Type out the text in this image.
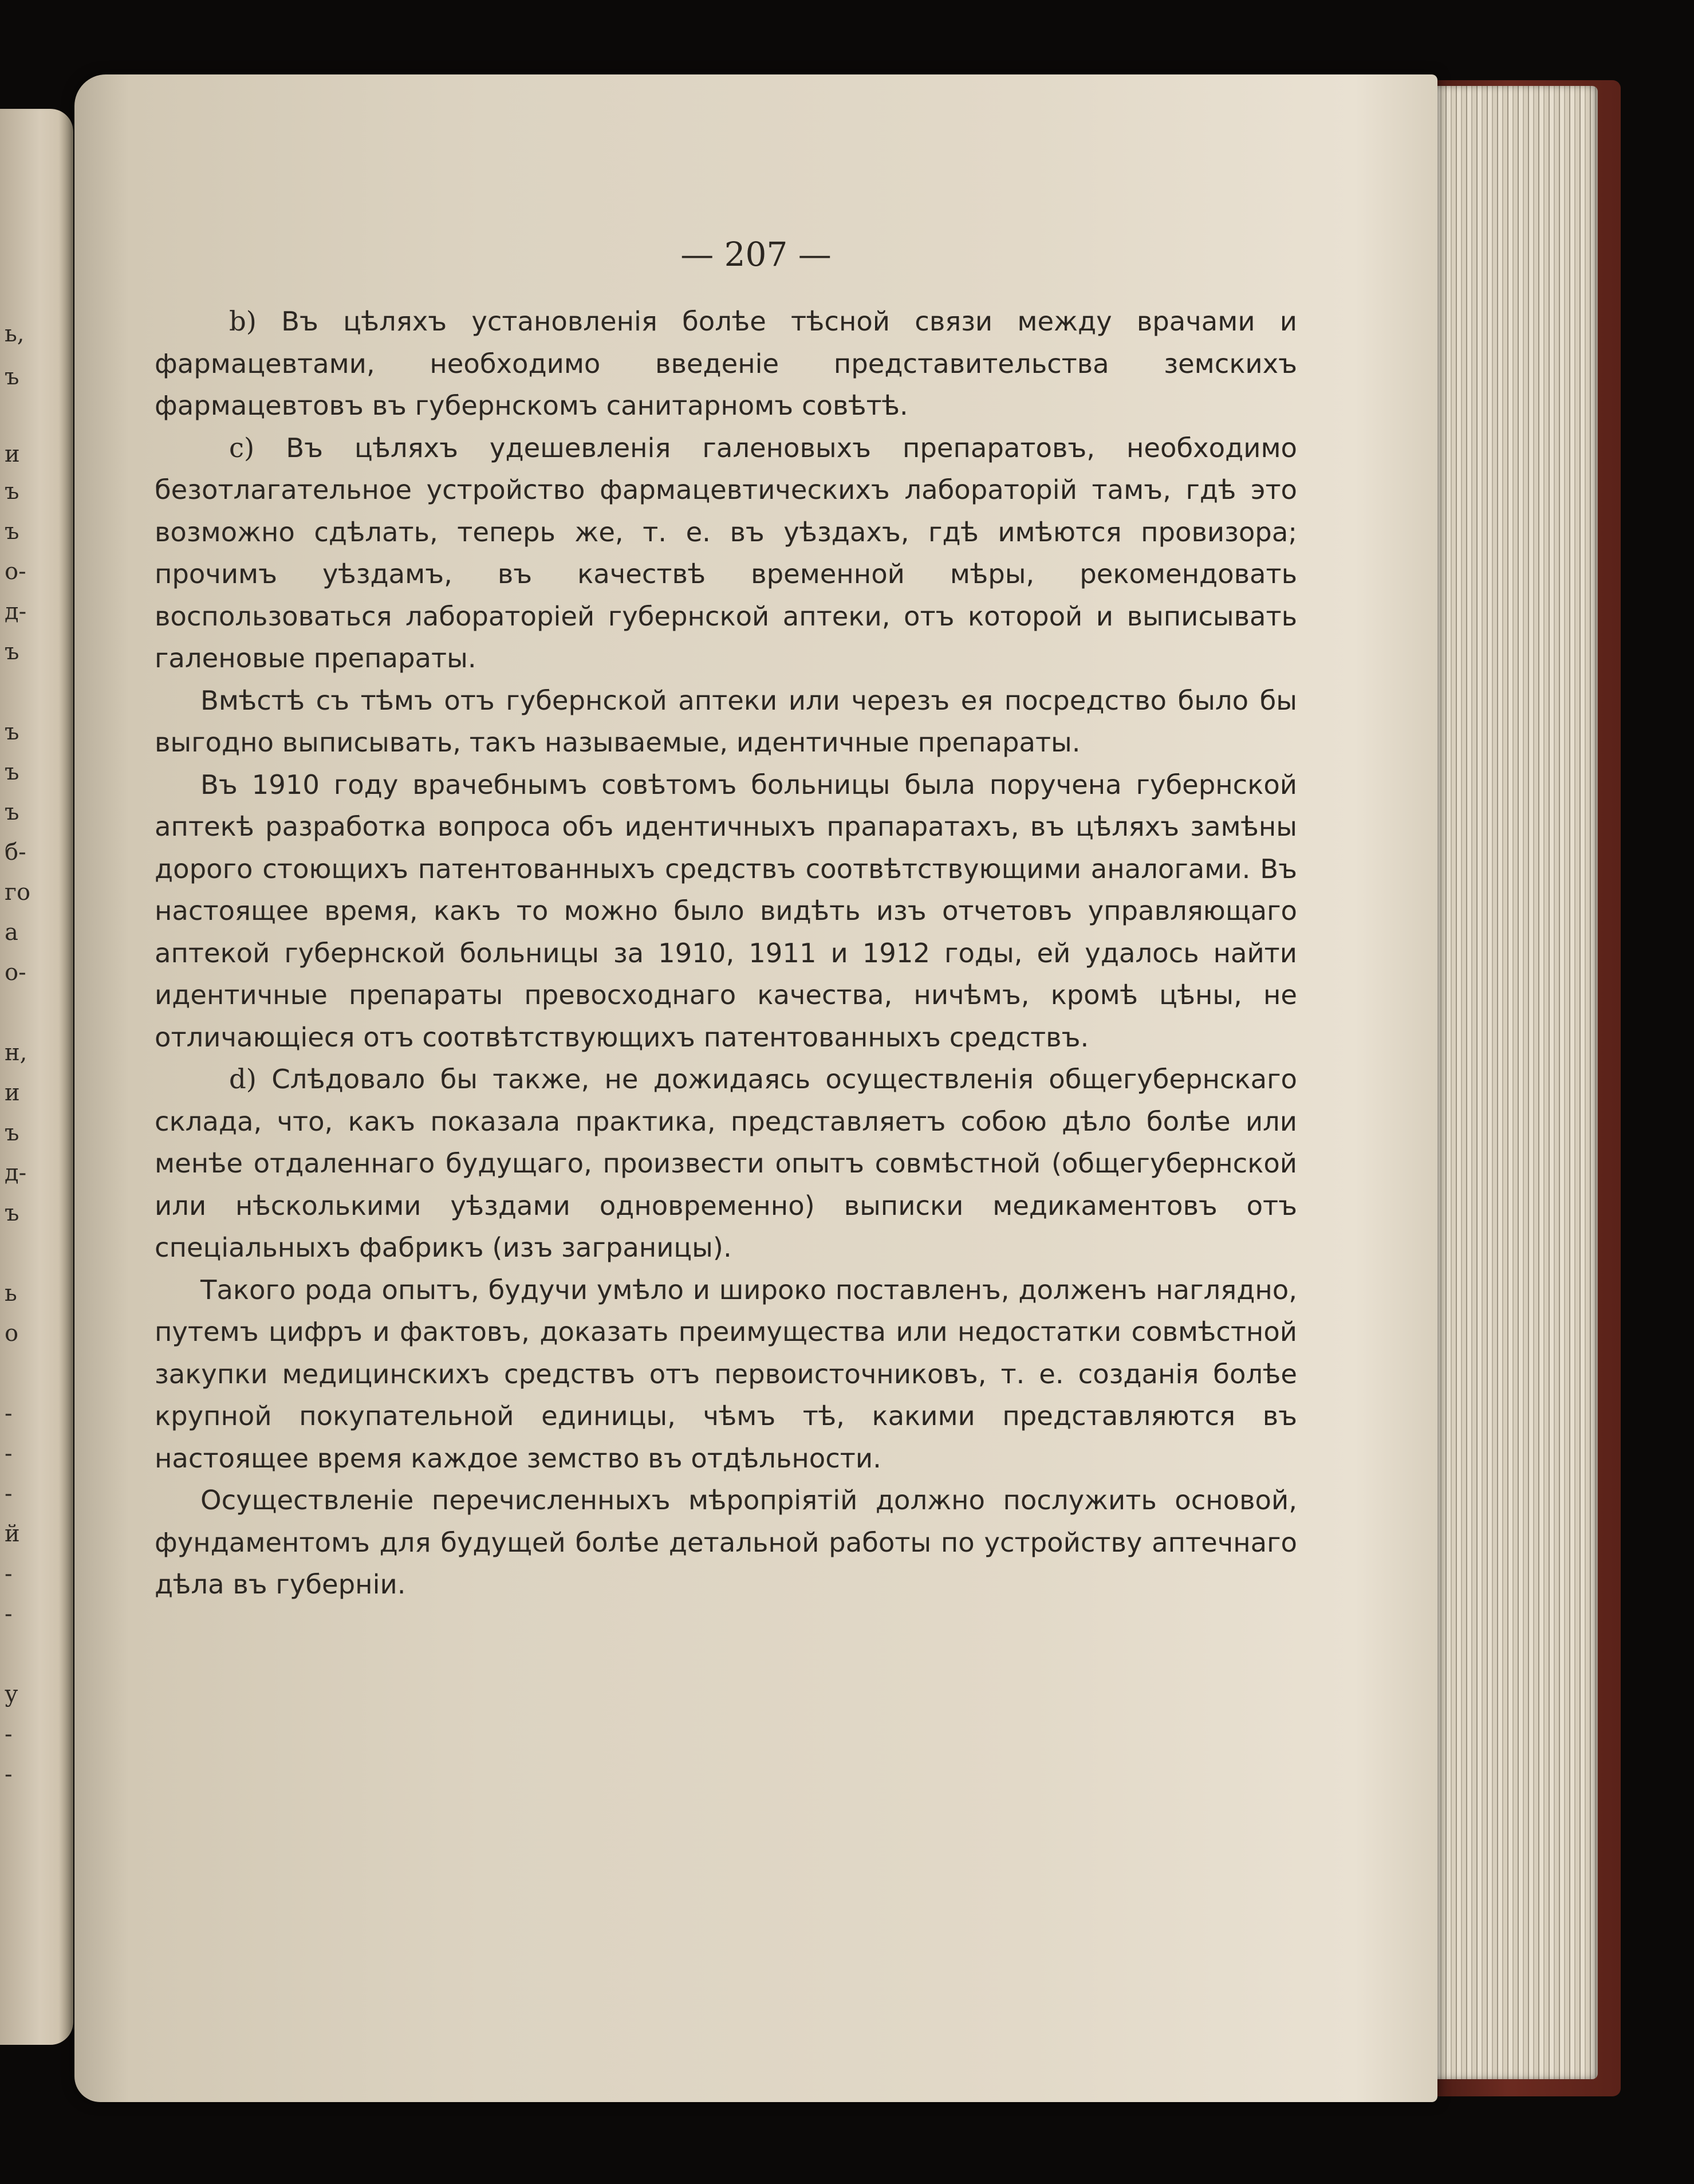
ь,

ъ

и

ъ

ъ

о-

д-

ъ

ъ

ъ

ъ

б-

го

а

о-

н,

и

ъ

д-

ъ

ь

о

-

-

-

й

-

-

у

-

-

— 207 —

b) Въ цѣляхъ установленія болѣе тѣсной связи между врачами и фармацевтами, необходимо введеніе представительства земскихъ фармацевтовъ въ губернскомъ санитарномъ совѣтѣ.

c) Въ цѣляхъ удешевленія галеновыхъ препаратовъ, необходимо безотлагательное устройство фармацевтическихъ лабораторій тамъ, гдѣ это возможно сдѣлать, теперь же, т. е. въ уѣздахъ, гдѣ имѣются провизора; прочимъ уѣздамъ, въ качествѣ временной мѣры, рекомендовать воспользоваться лабораторіей губернской аптеки, отъ которой и выписывать галеновые препараты.

Вмѣстѣ съ тѣмъ отъ губернской аптеки или черезъ ея посредство было бы выгодно выписывать, такъ называемые, идентичные препараты.

Въ 1910 году врачебнымъ совѣтомъ больницы была поручена губернской аптекѣ разработка вопроса объ идентичныхъ прапаратахъ, въ цѣляхъ замѣны дорого стоющихъ патентованныхъ средствъ соотвѣтствующими аналогами. Въ настоящее время, какъ то можно было видѣть изъ отчетовъ управляющаго аптекой губернской больницы за 1910, 1911 и 1912 годы, ей удалось найти идентичные препараты превосходнаго качества, ничѣмъ, кромѣ цѣны, не отличающіеся отъ соотвѣтствующихъ патентованныхъ средствъ.

d) Слѣдовало бы также, не дожидаясь осуществленія общегубернскаго склада, что, какъ показала практика, представляетъ собою дѣло болѣе или менѣе отдаленнаго будущаго, произвести опытъ совмѣстной (общегубернской или нѣсколькими уѣздами одновременно) выписки медикаментовъ отъ спеціальныхъ фабрикъ (изъ заграницы).

Такого рода опытъ, будучи умѣло и широко поставленъ, долженъ наглядно, путемъ цифръ и фактовъ, доказать преимущества или недостатки совмѣстной закупки медицинскихъ средствъ отъ первоисточниковъ, т. е. созданія болѣе крупной покупательной единицы, чѣмъ тѣ, какими представляются въ настоящее время каждое земство въ отдѣльности.

Осуществленіе перечисленныхъ мѣропріятій должно послужить основой, фундаментомъ для будущей болѣе детальной работы по устройству аптечнаго дѣла въ губерніи.
